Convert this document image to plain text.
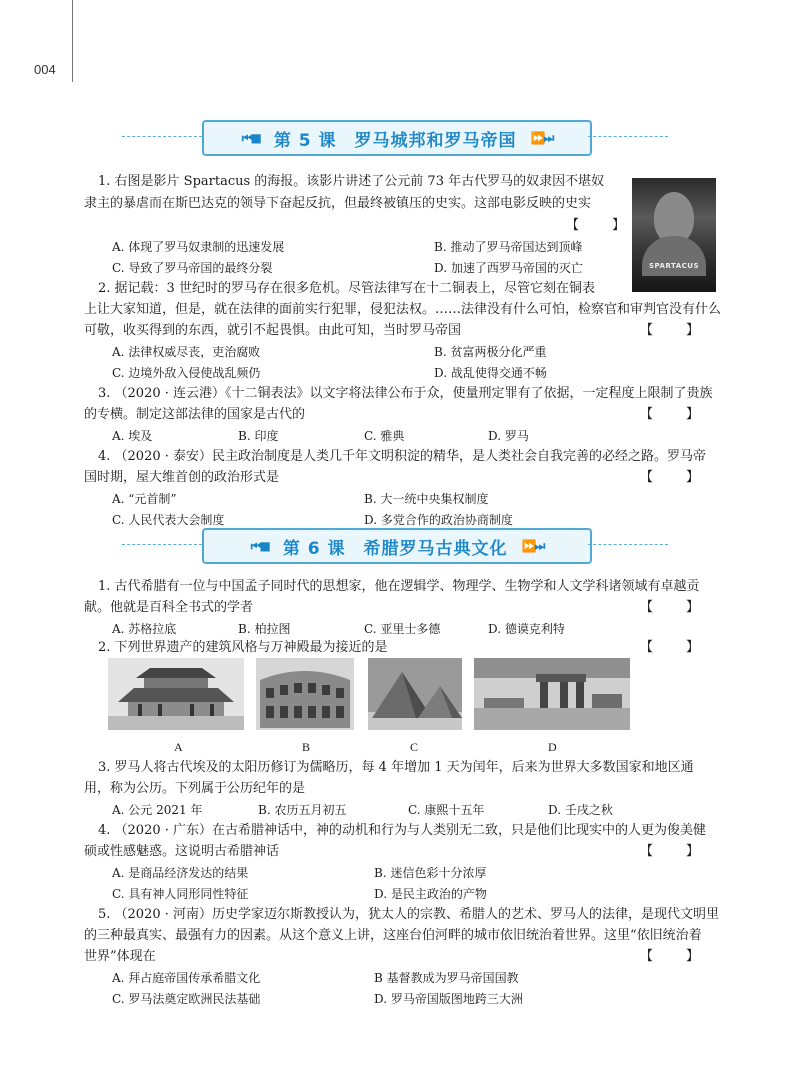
004
⏮■ 第 5 课　罗马城邦和罗马帝国 ⏩⏭
SPARTACUS
1. 右图是影片 Spartacus 的海报。该影片讲述了公元前 73 年古代罗马的奴隶因不堪奴
隶主的暴虐而在斯巴达克的领导下奋起反抗，但最终被镇压的史实。这部电影反映的史实
【　】
A. 体现了罗马奴隶制的迅速发展	B. 推动了罗马帝国达到顶峰
C. 导致了罗马帝国的最终分裂	D. 加速了西罗马帝国的灭亡
2. 据记载：3 世纪时的罗马存在很多危机。尽管法律写在十二铜表上，尽管它刻在铜表
上让大家知道，但是，就在法律的面前实行犯罪，侵犯法权。……法律没有什么可怕，检察官和审判官没有什么
可敬，收买得到的东西，就引不起畏惧。由此可知，当时罗马帝国	【　】
A. 法律权威尽丧，吏治腐败	B. 贫富两极分化严重
C. 边境外敌入侵使战乱频仍	D. 战乱使得交通不畅
3. （2020 · 连云港）《十二铜表法》以文字将法律公布于众，使量刑定罪有了依据，一定程度上限制了贵族
的专横。制定这部法律的国家是古代的	【　】
A. 埃及	B. 印度	C. 雅典	D. 罗马
4. （2020 · 泰安）民主政治制度是人类几千年文明积淀的精华，是人类社会自我完善的必经之路。罗马帝
国时期，屋大维首创的政治形式是	【　】
A. “元首制”	B. 大一统中央集权制度
C. 人民代表大会制度	D. 多党合作的政治协商制度
⏮■ 第 6 课　希腊罗马古典文化 ⏩⏭
1. 古代希腊有一位与中国孟子同时代的思想家，他在逻辑学、物理学、生物学和人文学科诸领域有卓越贡
献。他就是百科全书式的学者	【　】
A. 苏格拉底	B. 柏拉图	C. 亚里士多德	D. 德谟克利特
2. 下列世界遗产的建筑风格与万神殿最为接近的是	【　】
A	B	C	D
3. 罗马人将古代埃及的太阳历修订为儒略历，每 4 年增加 1 天为闰年，后来为世界大多数国家和地区通
用，称为公历。下列属于公历纪年的是
A. 公元 2021 年	B. 农历五月初五	C. 康熙十五年	D. 壬戌之秋
4. （2020 · 广东）在古希腊神话中，神的动机和行为与人类别无二致，只是他们比现实中的人更为俊美健
硕或性感魅惑。这说明古希腊神话	【　】
A. 是商品经济发达的结果	B. 迷信色彩十分浓厚
C. 具有神人同形同性特征	D. 是民主政治的产物
5. （2020 · 河南）历史学家迈尔斯教授认为，犹太人的宗教、希腊人的艺术、罗马人的法律，是现代文明里
的三种最真实、最强有力的因素。从这个意义上讲，这座台伯河畔的城市依旧统治着世界。这里“依旧统治着
世界”体现在	【　】
A. 拜占庭帝国传承希腊文化	B 基督教成为罗马帝国国教
C. 罗马法奠定欧洲民法基础	D. 罗马帝国版图地跨三大洲
